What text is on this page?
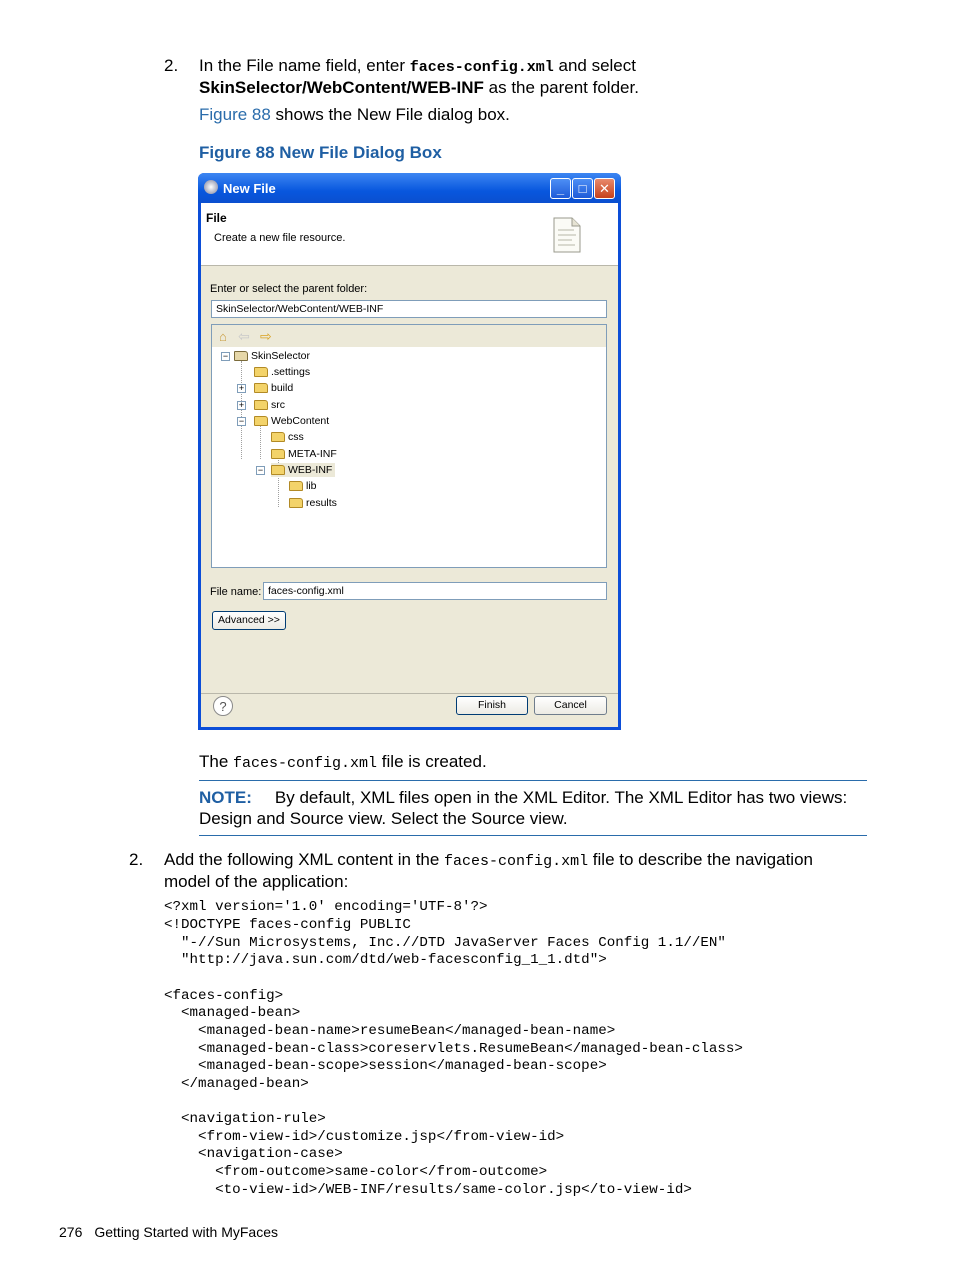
2. In the File name field, enter faces-config.xml and select
SkinSelector/WebContent/WEB-INF as the parent folder.
Figure 88 shows the New File dialog box.
Figure 88 New File Dialog Box
New File	_	□ ✕
File
Create a new file resource.
Enter or select the parent folder:
SkinSelector/WebContent/WEB-INF
⌂ ⇦ ⇨
−	SkinSelector
.settings
+	build
+	src
−	WebContent
css
META-INF
−	WEB-INF
lib
results
File name: faces-config.xml
Advanced >>
?	Finish	Cancel
The faces-config.xml file is created.
NOTE: By default, XML files open in the XML Editor. The XML Editor has two views:
Design and Source view. Select the Source view.
2. Add the following XML content in the faces-config.xml file to describe the navigation
model of the application:
<?xml version='1.0' encoding='UTF-8'?>
<!DOCTYPE faces-config PUBLIC
"-//Sun Microsystems, Inc.//DTD JavaServer Faces Config 1.1//EN"
"http://java.sun.com/dtd/web-facesconfig_1_1.dtd">
<faces-config>
<managed-bean>
<managed-bean-name>resumeBean</managed-bean-name>
<managed-bean-class>coreservlets.ResumeBean</managed-bean-class>
<managed-bean-scope>session</managed-bean-scope>
</managed-bean>
<navigation-rule>
<from-view-id>/customize.jsp</from-view-id>
<navigation-case>
<from-outcome>same-color</from-outcome>
<to-view-id>/WEB-INF/results/same-color.jsp</to-view-id>
276 Getting Started with MyFaces
